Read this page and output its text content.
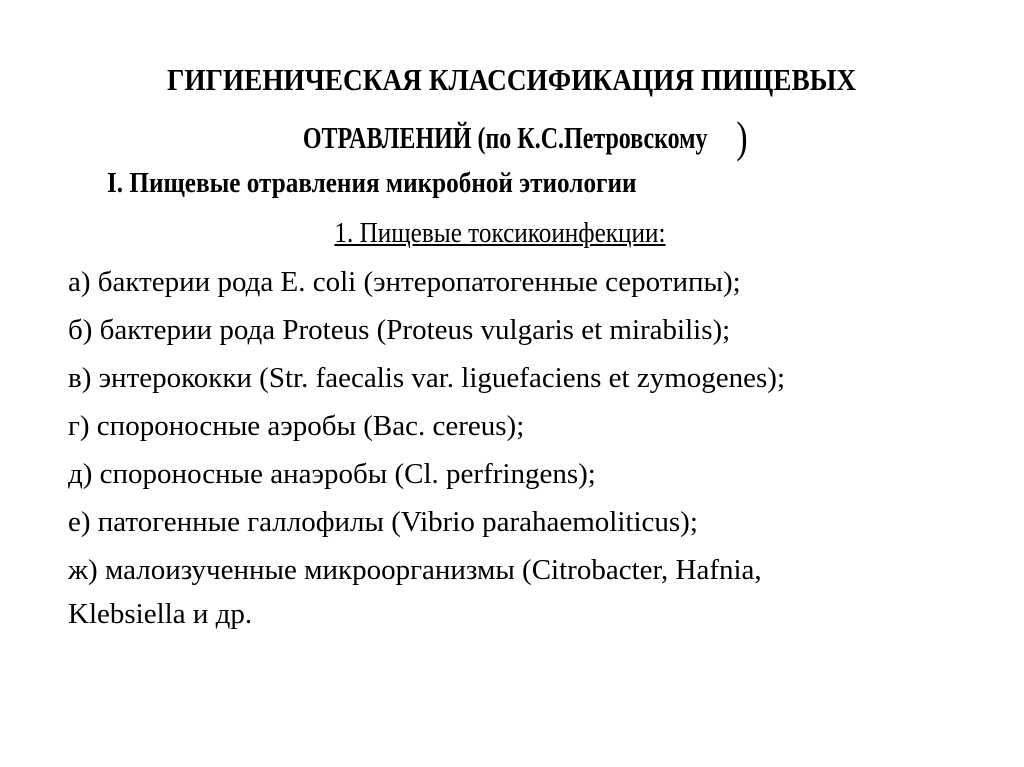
ГИГИЕНИЧЕСКАЯ КЛАССИФИКАЦИЯ ПИЩЕВЫХ
ОТРАВЛЕНИЙ (по К.С.Петровскому )
I. Пищевые отравления микробной этиологии
1. Пищевые токсикоинфекции:
а) бактерии рода E. coli (энтеропатогенные серотипы);
б) бактерии рода Proteus (Proteus vulgaris et mirabilis);
в) энтерококки (Str. faecalis var. liguefaciens et zymogenes);
г) спороносные аэробы (Bac. cereus);
д) спороносные анаэробы (Cl. perfringens);
е) патогенные галлофилы (Vibrio parahaemoliticus);
ж) малоизученные микроорганизмы (Citrobacter, Hafnia,
Klebsiella и др.
